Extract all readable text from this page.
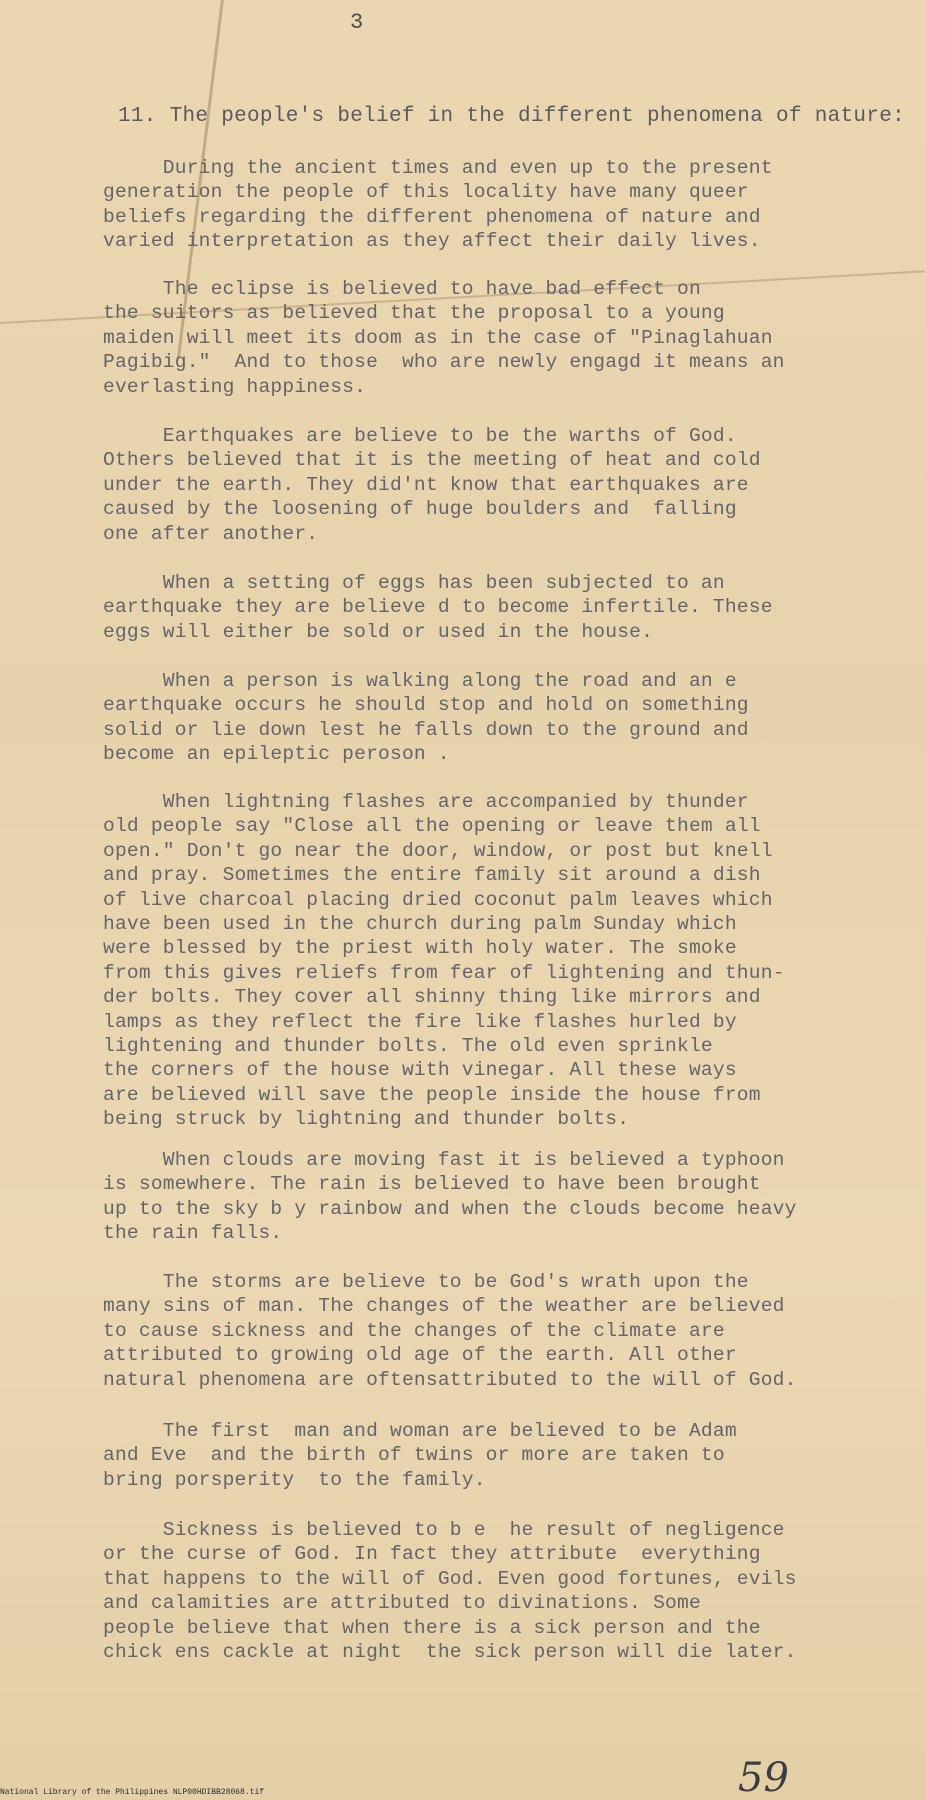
3
11. The people's belief in the different phenomena of nature:

During the ancient times and even up to the present
generation the people of this locality have many queer
beliefs regarding the different phenomena of nature and
varied interpretation as they affect their daily lives.

The eclipse is believed to have bad effect on
the suitors as believed that the proposal to a young
maiden will meet its doom as in the case of "Pinaglahuan
Pagibig."  And to those  who are newly engagd it means an
everlasting happiness.

Earthquakes are believe to be the warths of God.
Others believed that it is the meeting of heat and cold
under the earth. They did'nt know that earthquakes are
caused by the loosening of huge boulders and  falling
one after another.

When a setting of eggs has been subjected to an
earthquake they are believe d to become infertile. These
eggs will either be sold or used in the house.

When a person is walking along the road and an e
earthquake occurs he should stop and hold on something
solid or lie down lest he falls down to the ground and
become an epileptic peroson .

When lightning flashes are accompanied by thunder
old people say "Close all the opening or leave them all
open." Don't go near the door, window, or post but knell
and pray. Sometimes the entire family sit around a dish
of live charcoal placing dried coconut palm leaves which
have been used in the church during palm Sunday which
were blessed by the priest with holy water. The smoke
from this gives reliefs from fear of lightening and thun-
der bolts. They cover all shinny thing like mirrors and
lamps as they reflect the fire like flashes hurled by
lightening and thunder bolts. The old even sprinkle
the corners of the house with vinegar. All these ways
are believed will save the people inside the house from
being struck by lightning and thunder bolts.

When clouds are moving fast it is believed a typhoon
is somewhere. The rain is believed to have been brought
up to the sky b y rainbow and when the clouds become heavy
the rain falls.

The storms are believe to be God's wrath upon the
many sins of man. The changes of the weather are believed
to cause sickness and the changes of the climate are
attributed to growing old age of the earth. All other
natural phenomena are oftensattributed to the will of God.

The first  man and woman are believed to be Adam
and Eve  and the birth of twins or more are taken to
bring porsperity  to the family.

Sickness is believed to b e  he result of negligence
or the curse of God. In fact they attribute  everything
that happens to the will of God. Even good fortunes, evils
and calamities are attributed to divinations. Some
people believe that when there is a sick person and the
chick ens cackle at night  the sick person will die later.

59
National Library of the Philippines NLP00HDIBB28068.tif
